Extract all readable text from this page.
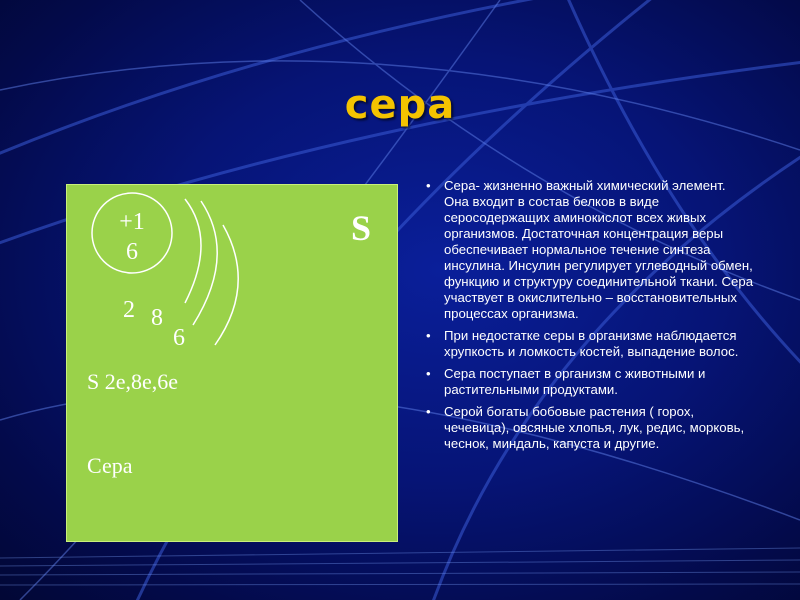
сера
+1
6
S
2 8
6
S 2e,8e,6e
Сера
• Сера- жизненно важный химический элемент. Она входит в состав белков в виде серосодержащих аминокислот всех живых организмов. Достаточная концентрация веры обеспечивает нормальное течение синтеза инсулина. Инсулин регулирует углеводный обмен, функцию и структуру соединительной ткани. Сера участвует в окислительно – восстановительных процессах организма.
• При недостатке серы в организме наблюдается хрупкость и ломкость костей, выпадение волос.
• Сера поступает в организм с животными и растительными продуктами.
• Серой богаты бобовые растения ( горох, чечевица), овсяные хлопья, лук, редис, морковь, чеснок, миндаль, капуста и другие.
